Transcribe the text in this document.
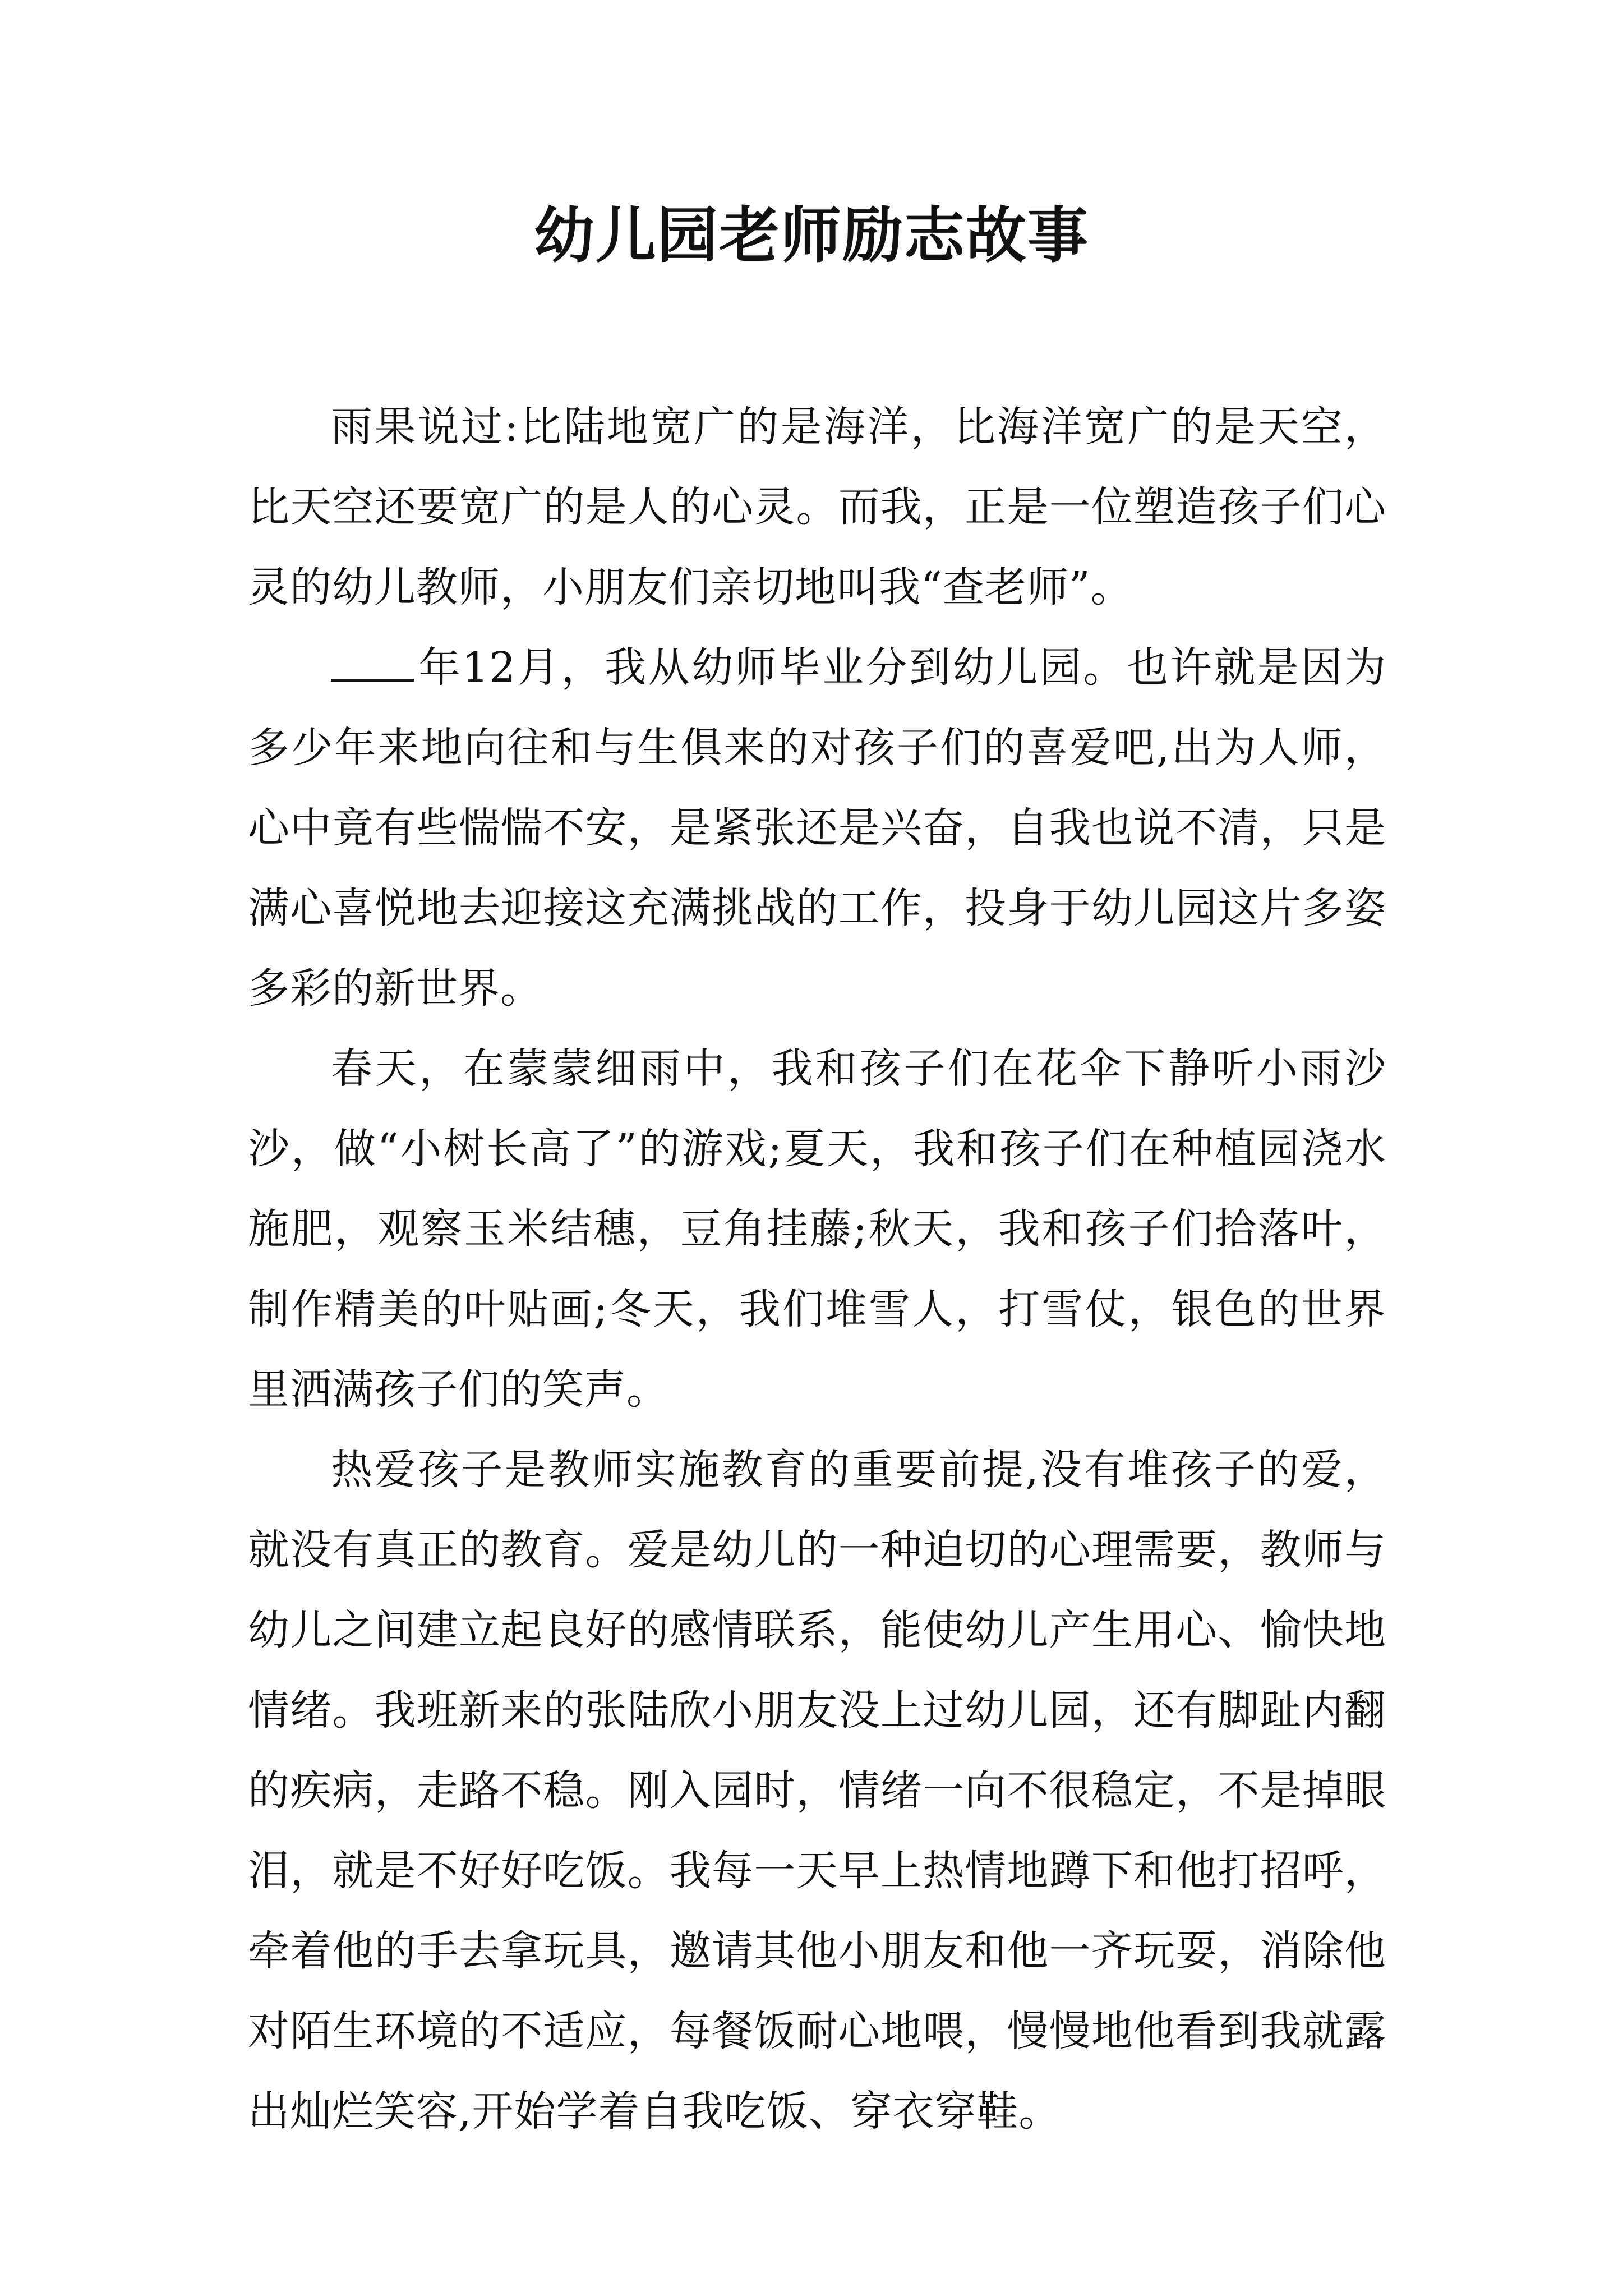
幼儿园老师励志故事

雨果说过:比陆地宽广的是海洋，比海洋宽广的是天空，比天空还要宽广的是人的心灵。而我，正是一位塑造孩子们心灵的幼儿教师，小朋友们亲切地叫我“查老师”。

年12月，我从幼师毕业分到幼儿园。也许就是因为多少年来地向往和与生俱来的对孩子们的喜爱吧,出为人师，心中竟有些惴惴不安，是紧张还是兴奋，自我也说不清，只是满心喜悦地去迎接这充满挑战的工作，投身于幼儿园这片多姿多彩的新世界。

春天，在蒙蒙细雨中，我和孩子们在花伞下静听小雨沙沙，做“小树长高了”的游戏;夏天，我和孩子们在种植园浇水施肥，观察玉米结穗，豆角挂藤;秋天，我和孩子们拾落叶，制作精美的叶贴画;冬天，我们堆雪人，打雪仗，银色的世界里洒满孩子们的笑声。

热爱孩子是教师实施教育的重要前提,没有堆孩子的爱，就没有真正的教育。爱是幼儿的一种迫切的心理需要，教师与幼儿之间建立起良好的感情联系，能使幼儿产生用心、愉快地情绪。我班新来的张陆欣小朋友没上过幼儿园，还有脚趾内翻的疾病，走路不稳。刚入园时，情绪一向不很稳定，不是掉眼泪，就是不好好吃饭。我每一天早上热情地蹲下和他打招呼，牵着他的手去拿玩具，邀请其他小朋友和他一齐玩耍，消除他对陌生环境的不适应，每餐饭耐心地喂，慢慢地他看到我就露出灿烂笑容,开始学着自我吃饭、穿衣穿鞋。
